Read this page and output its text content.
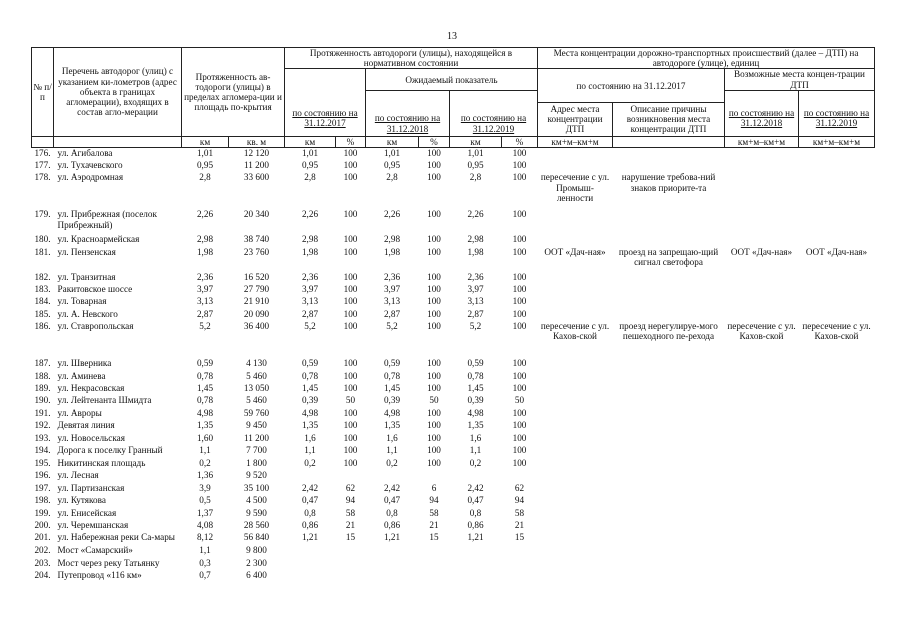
13
№ п/п	Перечень автодорог (улиц) с указанием ки-лометров (адрес объекта в границах агломерации), входящих в состав агло-мерации	Протяженность ав-тодороги (улицы) в пределах агломера-ции и площадь по-крытия		Протяженность автодороги (улицы), находящейся в нормативном состоянии						Места концентрации дорожно-транспортных происшествий (далее – ДТП) на автодороге (улице), единиц			

по состоянию на 31.12.2017		Ожидаемый показатель				по состоянию на 31.12.2017		Возможные места концен-трации ДТП	

по состоянию на 31.12.2018		по состоянию на 31.12.2019				по состоянию на 31.12.2018	по состоянию на 31.12.2019
										Адрес места концентрации ДТП	Описание причины возникновения места концентрации ДТП		
		км	кв. м	км	%	км	%	км	%	км+м–км+м		км+м–км+м	км+м–км+м
176.	ул. Агибалова	1,01	12 120	1,01	100	1,01	100	1,01	100				
177.	ул. Тухачевского	0,95	11 200	0,95	100	0,95	100	0,95	100				
178.	ул. Аэродромная	2,8	33 600	2,8	100	2,8	100	2,8	100	пересечение с ул. Промыш-ленности	нарушение требова-ний знаков приорите-та		
179.	ул. Прибрежная (поселок Прибрежный)	2,26	20 340	2,26	100	2,26	100	2,26	100				
180.	ул. Красноармейская	2,98	38 740	2,98	100	2,98	100	2,98	100				
181.	ул. Пензенская	1,98	23 760	1,98	100	1,98	100	1,98	100	ООТ «Дач-ная»	проезд на запрещаю-щий сигнал светофора	ООТ «Дач-ная»	ООТ «Дач-ная»
182.	ул. Транзитная	2,36	16 520	2,36	100	2,36	100	2,36	100				
183.	Ракитовское шоссе	3,97	27 790	3,97	100	3,97	100	3,97	100				
184.	ул. Товарная	3,13	21 910	3,13	100	3,13	100	3,13	100				
185.	ул. А. Невского	2,87	20 090	2,87	100	2,87	100	2,87	100				
186.	ул. Ставропольская	5,2	36 400	5,2	100	5,2	100	5,2	100	пересечение с ул. Кахов-ской	проезд нерегулируе-мого пешеходного пе-рехода	пересечение с ул. Кахов-ской	пересечение с ул. Кахов-ской
187.	ул. Шверника	0,59	4 130	0,59	100	0,59	100	0,59	100				
188.	ул. Аминева	0,78	5 460	0,78	100	0,78	100	0,78	100				
189.	ул. Некрасовская	1,45	13 050	1,45	100	1,45	100	1,45	100				
190.	ул. Лейтенанта Шмидта	0,78	5 460	0,39	50	0,39	50	0,39	50				
191.	ул. Авроры	4,98	59 760	4,98	100	4,98	100	4,98	100				
192.	Девятая линия	1,35	9 450	1,35	100	1,35	100	1,35	100				
193.	ул. Новосельская	1,60	11 200	1,6	100	1,6	100	1,6	100				
194.	Дорога к поселку Гранный	1,1	7 700	1,1	100	1,1	100	1,1	100				
195.	Никитинская площадь	0,2	1 800	0,2	100	0,2	100	0,2	100				
196.	ул. Лесная	1,36	9 520										
197.	ул. Партизанская	3,9	35 100	2,42	62	2,42	6	2,42	62				
198.	ул. Кутякова	0,5	4 500	0,47	94	0,47	94	0,47	94				
199.	ул. Енисейская	1,37	9 590	0,8	58	0,8	58	0,8	58				
200.	ул. Черемшанская	4,08	28 560	0,86	21	0,86	21	0,86	21				
201.	ул. Набережная реки Са-мары	8,12	56 840	1,21	15	1,21	15	1,21	15				
202.	Мост «Самарский»	1,1	9 800										
203.	Мост через реку Татьянку	0,3	2 300										
204.	Путепровод «116 км»	0,7	6 400										
